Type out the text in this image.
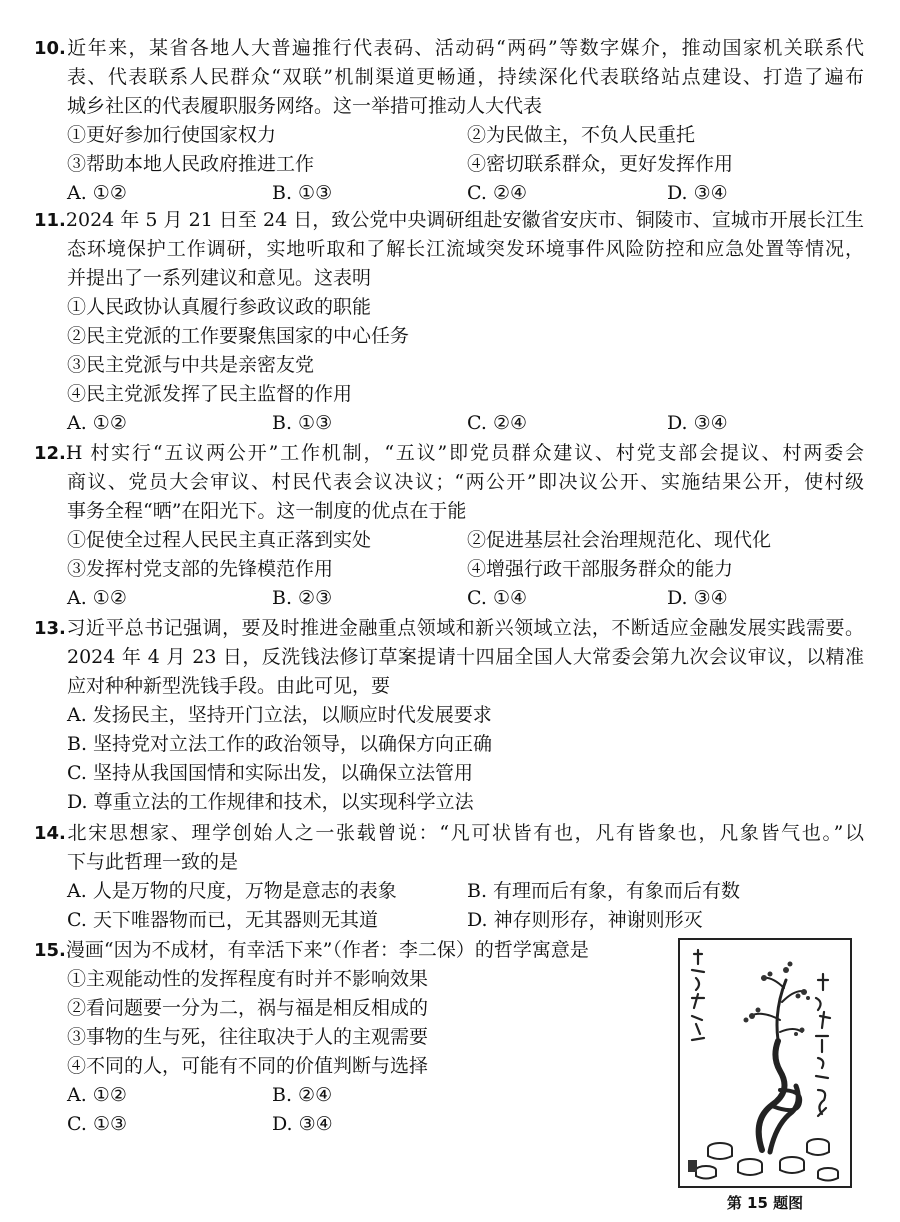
10.近年来，某省各地人大普遍推行代表码、活动码“两码”等数字媒介，推动国家机关联系代
表、代表联系人民群众“双联”机制渠道更畅通，持续深化代表联络站点建设、打造了遍布
城乡社区的代表履职服务网络。这一举措可推动人大代表
①更好参加行使国家权力	②为民做主，不负人民重托
③帮助本地人民政府推进工作	④密切联系群众，更好发挥作用
A. ①②	B. ①③	C. ②④	D. ③④
11.2024 年 5 月 21 日至 24 日，致公党中央调研组赴安徽省安庆市、铜陵市、宣城市开展长江生
态环境保护工作调研，实地听取和了解长江流域突发环境事件风险防控和应急处置等情况，
并提出了一系列建议和意见。这表明
①人民政协认真履行参政议政的职能
②民主党派的工作要聚焦国家的中心任务
③民主党派与中共是亲密友党
④民主党派发挥了民主监督的作用
A. ①②	B. ①③	C. ②④	D. ③④
12.H 村实行“五议两公开”工作机制，“五议”即党员群众建议、村党支部会提议、村两委会
商议、党员大会审议、村民代表会议决议；“两公开”即决议公开、实施结果公开，使村级
事务全程“晒”在阳光下。这一制度的优点在于能
①促使全过程人民民主真正落到实处	②促进基层社会治理规范化、现代化
③发挥村党支部的先锋模范作用	④增强行政干部服务群众的能力
A. ①②	B. ②③	C. ①④	D. ③④
13.习近平总书记强调，要及时推进金融重点领域和新兴领域立法，不断适应金融发展实践需要。
2024 年 4 月 23 日，反洗钱法修订草案提请十四届全国人大常委会第九次会议审议，以精准
应对种种新型洗钱手段。由此可见，要
A. 发扬民主，坚持开门立法，以顺应时代发展要求
B. 坚持党对立法工作的政治领导，以确保方向正确
C. 坚持从我国国情和实际出发，以确保立法管用
D. 尊重立法的工作规律和技术，以实现科学立法
14.北宋思想家、理学创始人之一张载曾说：“凡可状皆有也，凡有皆象也，凡象皆气也。”以
下与此哲理一致的是
A. 人是万物的尺度，万物是意志的表象	B. 有理而后有象，有象而后有数
C. 天下唯器物而已，无其器则无其道	D. 神存则形存，神谢则形灭
15.漫画“因为不成材，有幸活下来”（作者：李二保）的哲学寓意是
①主观能动性的发挥程度有时并不影响效果
②看问题要一分为二，祸与福是相反相成的
③事物的生与死，往往取决于人的主观需要
④不同的人，可能有不同的价值判断与选择
A. ①②	B. ②④
C. ①③	D. ③④
第 15 题图
